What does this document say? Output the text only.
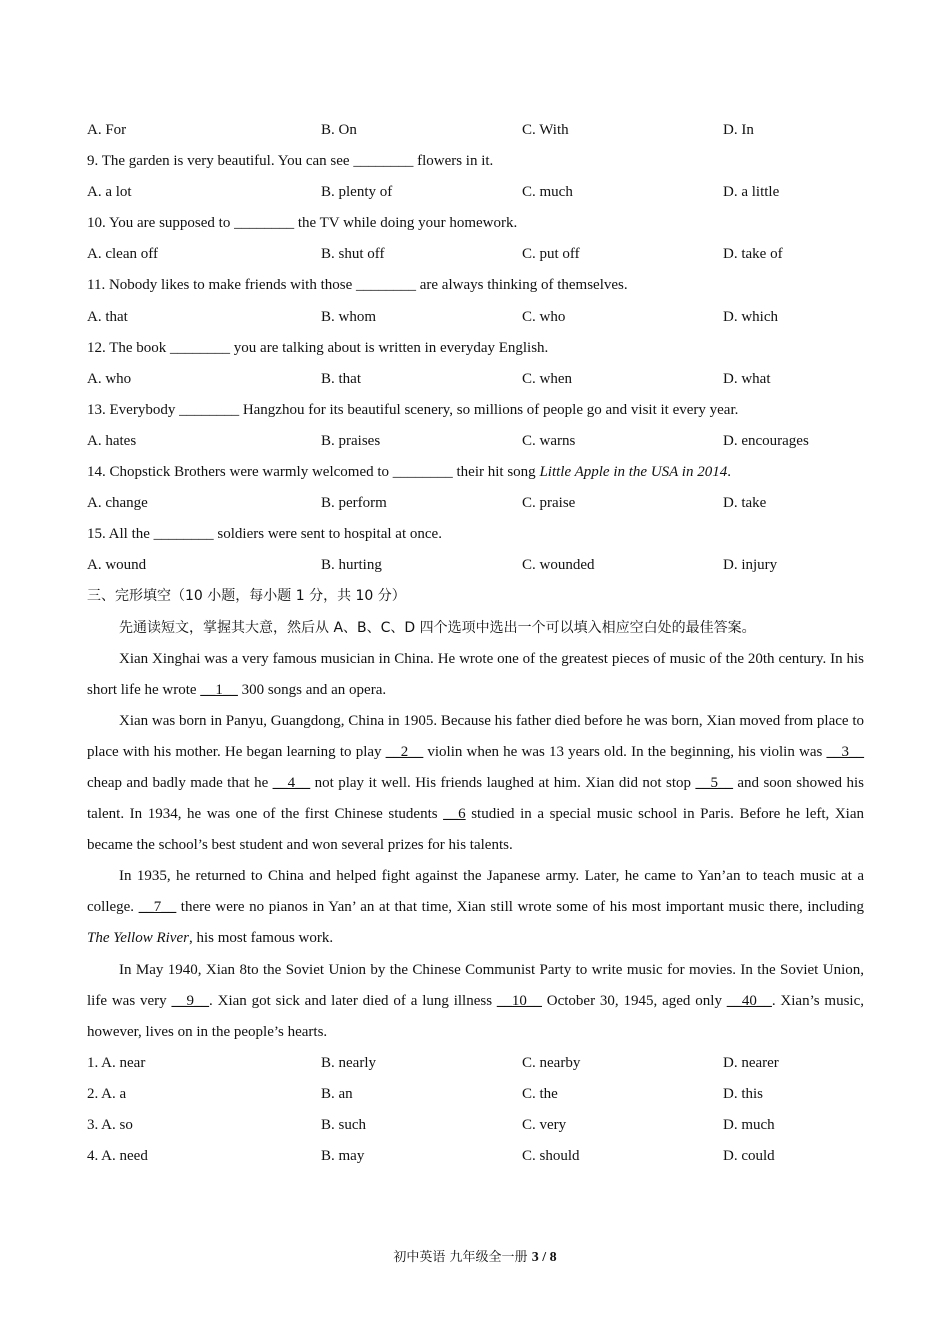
A. For	B. On	C. With	D. In
9. The garden is very beautiful. You can see ________ flowers in it.
A. a lot	B. plenty of	C. much	D. a little
10. You are supposed to ________ the TV while doing your homework.
A. clean off	B. shut off	C. put off	D. take of
11. Nobody likes to make friends with those ________ are always thinking of themselves.
A. that	B. whom	C. who	D. which
12. The book ________ you are talking about is written in everyday English.
A. who	B. that	C. when	D. what
13. Everybody ________ Hangzhou for its beautiful scenery, so millions of people go and visit it every year.
A. hates	B. praises	C. warns	D. encourages
14. Chopstick Brothers were warmly welcomed to ________ their hit song Little Apple in the USA in 2014.
A. change	B. perform	C. praise	D. take
15. All the ________ soldiers were sent to hospital at once.
A. wound	B. hurting	C. wounded	D. injury
三、完形填空（10 小题，每小题 1 分，共 10 分）
先通读短文，掌握其大意，然后从 A、B、C、D 四个选项中选出一个可以填入相应空白处的最佳答案。

Xian Xinghai was a very famous musician in China. He wrote one of the greatest pieces of music of the 20th century. In his short life he wrote __1__ 300 songs and an opera.

Xian was born in Panyu, Guangdong, China in 1905. Because his father died before he was born, Xian moved from place to place with his mother. He began learning to play __2__ violin when he was 13 years old. In the beginning, his violin was __3__ cheap and badly made that he __4__ not play it well. His friends laughed at him. Xian did not stop __5__ and soon showed his talent. In 1934, he was one of the first Chinese students __6 studied in a special music school in Paris. Before he left, Xian became the school’s best student and won several prizes for his talents.

In 1935, he returned to China and helped fight against the Japanese army. Later, he came to Yan’an to teach music at a college. __7__ there were no pianos in Yan’ an at that time, Xian still wrote some of his most important music there, including The Yellow River, his most famous work.

In May 1940, Xian 8to the Soviet Union by the Chinese Communist Party to write music for movies. In the Soviet Union, life was very __9__. Xian got sick and later died of a lung illness __10__ October 30, 1945, aged only __40__. Xian’s music, however, lives on in the people’s hearts.

1. A. near	B. nearly	C. nearby	D. nearer
2. A. a	B. an	C. the	D. this
3. A. so	B. such	C. very	D. much
4. A. need	B. may	C. should	D. could
初中英语 九年级全一册 3 / 8
